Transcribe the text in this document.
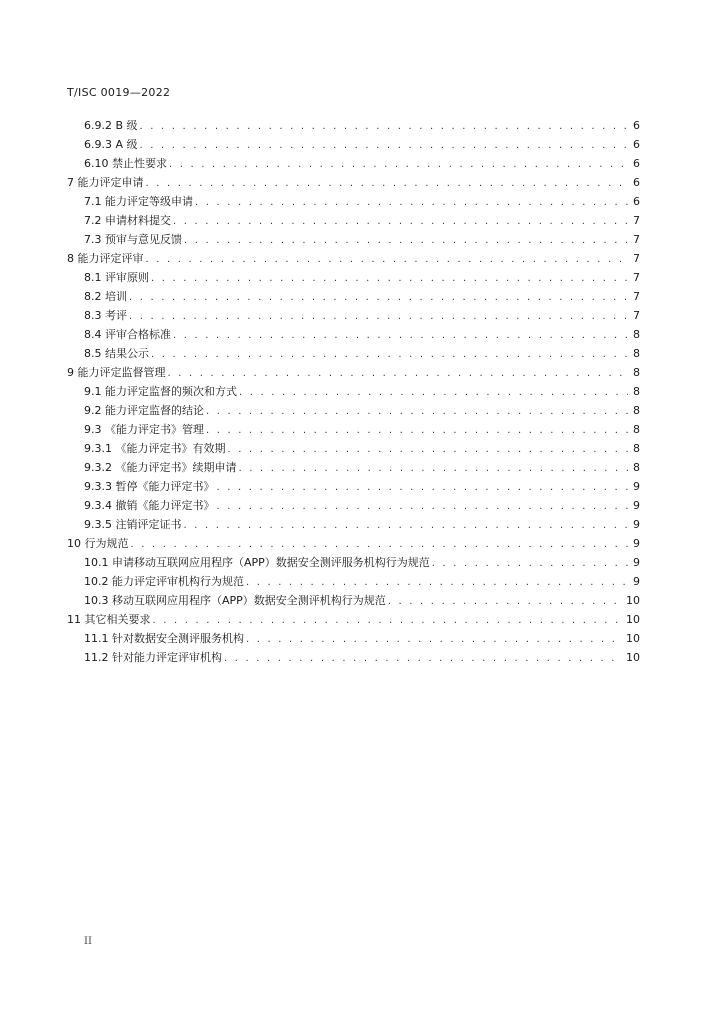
T/ISC 0019—2022
6.9.2 B 级 . . .	6
6.9.3 A 级 . . .	6
6.10 禁止性要求 . . .	6
7 能力评定申请 . . .	6
7.1 能力评定等级申请 . . .	6
7.2 申请材料提交 . . .	7
7.3 预审与意见反馈 . . .	7
8 能力评定评审 . . .	7
8.1 评审原则 . . .	7
8.2 培训 . . .	7
8.3 考评 . . .	7
8.4 评审合格标准 . . .	8
8.5 结果公示 . . .	8
9 能力评定监督管理 . . .	8
9.1 能力评定监督的频次和方式 . . .	8
9.2 能力评定监督的结论 . . .	8
9.3 《能力评定书》管理 . . .	8
9.3.1 《能力评定书》有效期 . . .	8
9.3.2 《能力评定书》续期申请 . . .	8
9.3.3 暂停《能力评定书》 . . .	9
9.3.4 撤销《能力评定书》 . . .	9
9.3.5 注销评定证书 . . .	9
10 行为规范 . . .	9
10.1 申请移动互联网应用程序（APP）数据安全测评服务机构行为规范 . . .	9
10.2 能力评定评审机构行为规范 . . .	9
10.3 移动互联网应用程序（APP）数据安全测评机构行为规范 . . .	10
11 其它相关要求 . . .	10
11.1 针对数据安全测评服务机构 . . .	10
11.2 针对能力评定评审机构 . . .	10
II
